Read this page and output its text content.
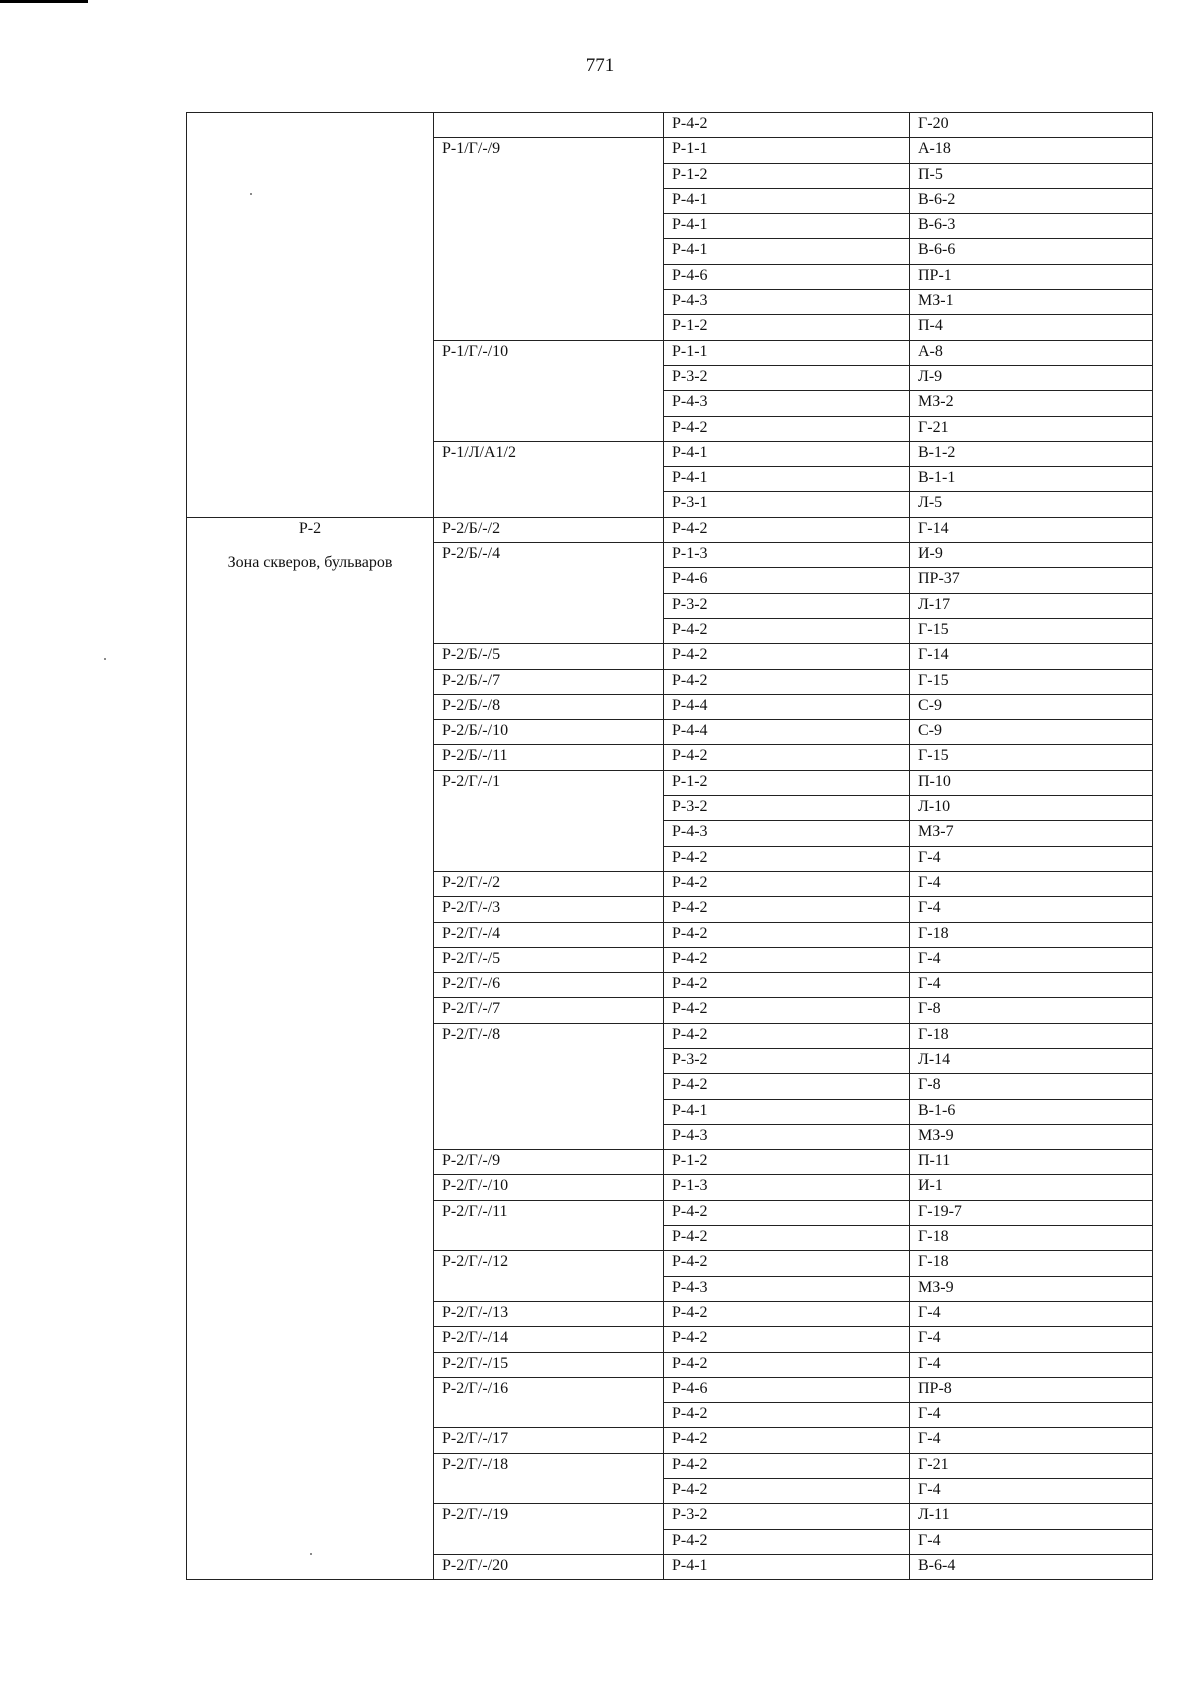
771
		Р-4-2	Г-20
	Р-1/Г/-/9	Р-1-1	А-18
		Р-1-2	П-5
		Р-4-1	В-6-2
		Р-4-1	В-6-3
		Р-4-1	В-6-6
		Р-4-6	ПР-1
		Р-4-3	МЗ-1
		Р-1-2	П-4
	Р-1/Г/-/10	Р-1-1	А-8
		Р-3-2	Л-9
		Р-4-3	МЗ-2
		Р-4-2	Г-21
	Р-1/Л/А1/2	Р-4-1	В-1-2
		Р-4-1	В-1-1
		Р-3-1	Л-5

Р-2
Зона скверов, бульваров	Р-2/Б/-/2	Р-4-2	Г-14
	Р-2/Б/-/4	Р-1-3	И-9
		Р-4-6	ПР-37
		Р-3-2	Л-17
		Р-4-2	Г-15
	Р-2/Б/-/5	Р-4-2	Г-14
	Р-2/Б/-/7	Р-4-2	Г-15
	Р-2/Б/-/8	Р-4-4	С-9
	Р-2/Б/-/10	Р-4-4	С-9
	Р-2/Б/-/11	Р-4-2	Г-15
	Р-2/Г/-/1	Р-1-2	П-10
		Р-3-2	Л-10
		Р-4-3	МЗ-7
		Р-4-2	Г-4
	Р-2/Г/-/2	Р-4-2	Г-4
	Р-2/Г/-/3	Р-4-2	Г-4
	Р-2/Г/-/4	Р-4-2	Г-18
	Р-2/Г/-/5	Р-4-2	Г-4
	Р-2/Г/-/6	Р-4-2	Г-4
	Р-2/Г/-/7	Р-4-2	Г-8
	Р-2/Г/-/8	Р-4-2	Г-18
		Р-3-2	Л-14
		Р-4-2	Г-8
		Р-4-1	В-1-6
		Р-4-3	МЗ-9
	Р-2/Г/-/9	Р-1-2	П-11
	Р-2/Г/-/10	Р-1-3	И-1
	Р-2/Г/-/11	Р-4-2	Г-19-7
		Р-4-2	Г-18
	Р-2/Г/-/12	Р-4-2	Г-18
		Р-4-3	МЗ-9
	Р-2/Г/-/13	Р-4-2	Г-4
	Р-2/Г/-/14	Р-4-2	Г-4
	Р-2/Г/-/15	Р-4-2	Г-4
	Р-2/Г/-/16	Р-4-6	ПР-8
		Р-4-2	Г-4
	Р-2/Г/-/17	Р-4-2	Г-4
	Р-2/Г/-/18	Р-4-2	Г-21
		Р-4-2	Г-4
	Р-2/Г/-/19	Р-3-2	Л-11
		Р-4-2	Г-4
	Р-2/Г/-/20	Р-4-1	В-6-4
